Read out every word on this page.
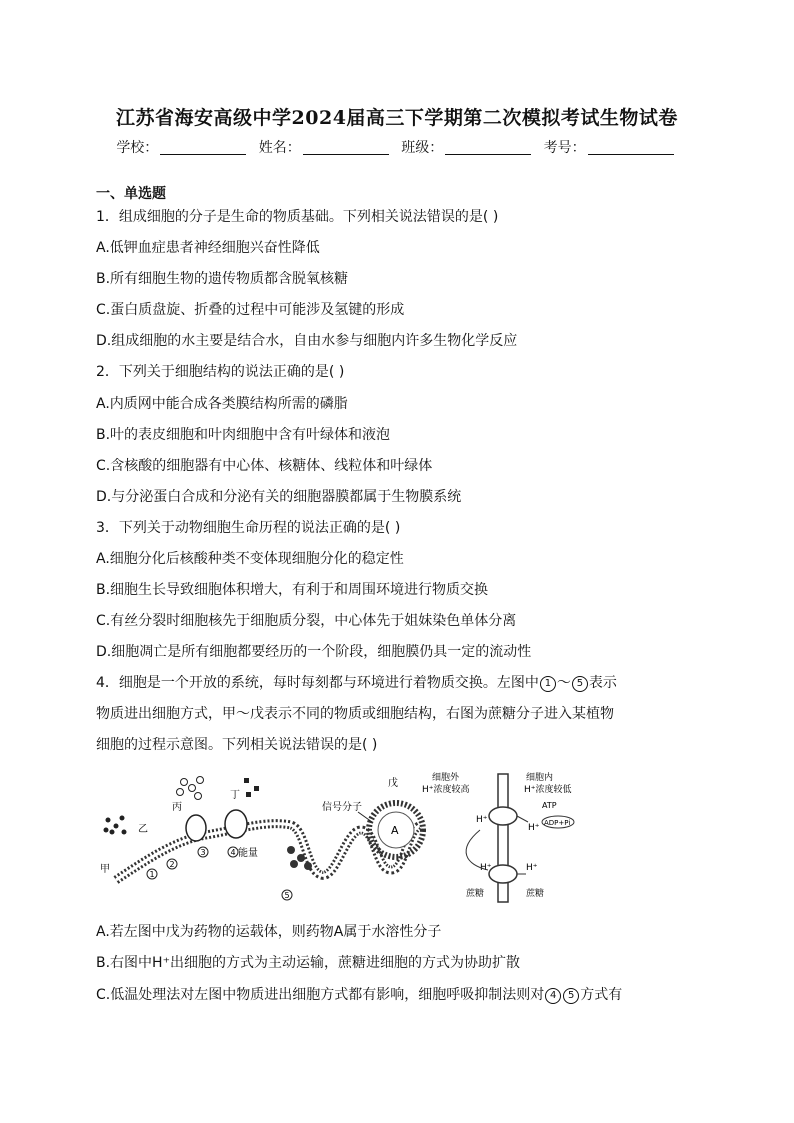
江苏省海安高级中学2024届高三下学期第二次模拟考试生物试卷
学校：	姓名：	班级：	考号：
一、单选题
1．组成细胞的分子是生命的物质基础。下列相关说法错误的是( )
A.低钾血症患者神经细胞兴奋性降低
B.所有细胞生物的遗传物质都含脱氧核糖
C.蛋白质盘旋、折叠的过程中可能涉及氢键的形成
D.组成细胞的水主要是结合水，自由水参与细胞内许多生物化学反应
2．下列关于细胞结构的说法正确的是( )
A.内质网中能合成各类膜结构所需的磷脂
B.叶的表皮细胞和叶肉细胞中含有叶绿体和液泡
C.含核酸的细胞器有中心体、核糖体、线粒体和叶绿体
D.与分泌蛋白合成和分泌有关的细胞器膜都属于生物膜系统
3．下列关于动物细胞生命历程的说法正确的是( )
A.细胞分化后核酸种类不变体现细胞分化的稳定性
B.细胞生长导致细胞体积增大，有利于和周围环境进行物质交换
C.有丝分裂时细胞核先于细胞质分裂，中心体先于姐妹染色单体分离
D.细胞凋亡是所有细胞都要经历的一个阶段，细胞膜仍具一定的流动性
4．细胞是一个开放的系统，每时每刻都与环境进行着物质交换。左图中 1 ～ 5 表示
物质进出细胞方式，甲～戊表示不同的物质或细胞结构，右图为蔗糖分子进入某植物
细胞的过程示意图。下列相关说法错误的是( )
甲
乙
丙
丁
戊
信号分子
能量
A
1
2
3	4
5
细胞外
H⁺浓度较高
细胞内
H⁺浓度较低
H⁺
H⁺
H⁺	H⁺
ATP
ADP+Pi
蔗糖	蔗糖
A.若左图中戊为药物的运载体，则药物A属于水溶性分子
B.右图中H⁺出细胞的方式为主动运输，蔗糖进细胞的方式为协助扩散
C.低温处理法对左图中物质进出细胞方式都有影响，细胞呼吸抑制法则对 4 5 方式有
